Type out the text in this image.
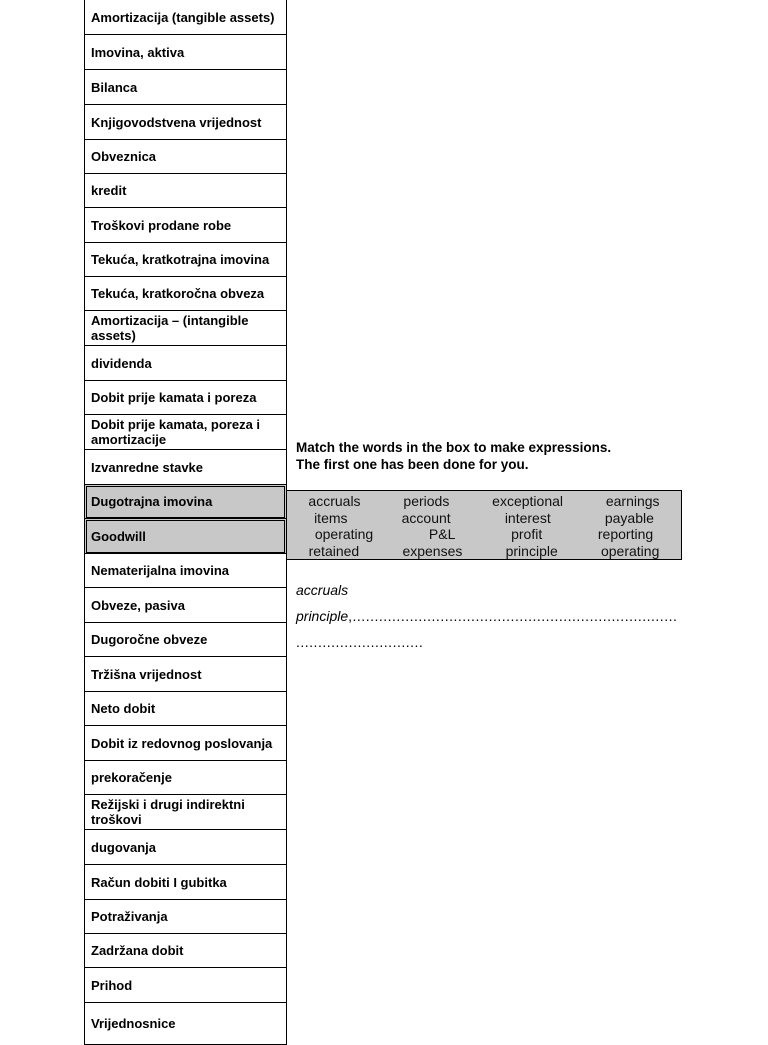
Amortizacija (tangible assets)
Imovina, aktiva
Bilanca
Knjigovodstvena vrijednost
Obveznica
kredit
Troškovi prodane robe
Tekuća, kratkotrajna imovina
Tekuća, kratkoročna obveza
Amortizacija – (intangible assets)
dividenda
Dobit prije kamata i poreza
Dobit prije kamata, poreza i amortizacije
Izvanredne stavke
Dugotrajna imovina
Goodwill
Nematerijalna imovina
Obveze, pasiva
Dugoročne obveze
Tržišna vrijednost
Neto dobit
Dobit iz redovnog poslovanja
prekoračenje
Režijski i drugi indirektni troškovi
dugovanja
Račun dobiti I gubitka
Potraživanja
Zadržana dobit
Prihod
Vrijednosnice
Match the words in the box to make expressions.
The first one has been done for you.
accruals	periods	exceptional	earnings
items	account	interest	payable
operating	P&L	profit	reporting
retained	expenses	principle	operating
accruals
principle,..........................................................................
.............................
